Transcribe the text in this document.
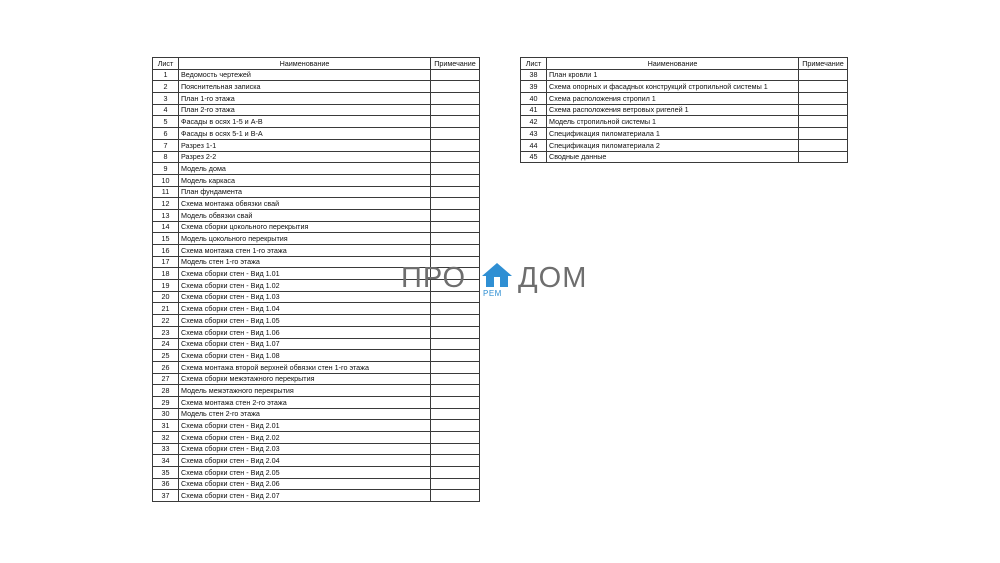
Лист	Наименование	Примечание
1	Ведомость чертежей	
2	Пояснительная записка	
3	План 1-го этажа	
4	План 2-го этажа	
5	Фасады в осях 1-5 и А-В	
6	Фасады в осях 5-1 и В-А	
7	Разрез 1-1	
8	Разрез 2-2	
9	Модель дома	
10	Модель каркаса	
11	План фундамента	
12	Схема монтажа обвязки свай	
13	Модель обвязки свай	
14	Схема сборки цокольного перекрытия	
15	Модель цокольного перекрытия	
16	Схема монтажа стен 1-го этажа	
17	Модель стен 1-го этажа	
18	Схема сборки стен - Вид 1.01	
19	Схема сборки стен - Вид 1.02	
20	Схема сборки стен - Вид 1.03	
21	Схема сборки стен - Вид 1.04	
22	Схема сборки стен - Вид 1.05	
23	Схема сборки стен - Вид 1.06	
24	Схема сборки стен - Вид 1.07	
25	Схема сборки стен - Вид 1.08	
26	Схема монтажа второй верхней обвязки стен 1-го этажа	
27	Схема сборки межэтажного перекрытия	
28	Модель межэтажного перекрытия	
29	Схема монтажа стен 2-го этажа	
30	Модель стен 2-го этажа	
31	Схема сборки стен - Вид 2.01	
32	Схема сборки стен - Вид 2.02	
33	Схема сборки стен - Вид 2.03	
34	Схема сборки стен - Вид 2.04	
35	Схема сборки стен - Вид 2.05	
36	Схема сборки стен - Вид 2.06	
37	Схема сборки стен - Вид 2.07	
Лист	Наименование	Примечание
38	План кровли 1	
39	Схема опорных и фасадных конструкций стропильной системы 1	
40	Схема расположения стропил 1	
41	Схема расположения ветровых ригелей 1	
42	Модель стропильной системы 1	
43	Спецификация пиломатериала 1	
44	Спецификация пиломатериала 2	
45	Сводные данные	
ПРО РЕМ ДОМ
